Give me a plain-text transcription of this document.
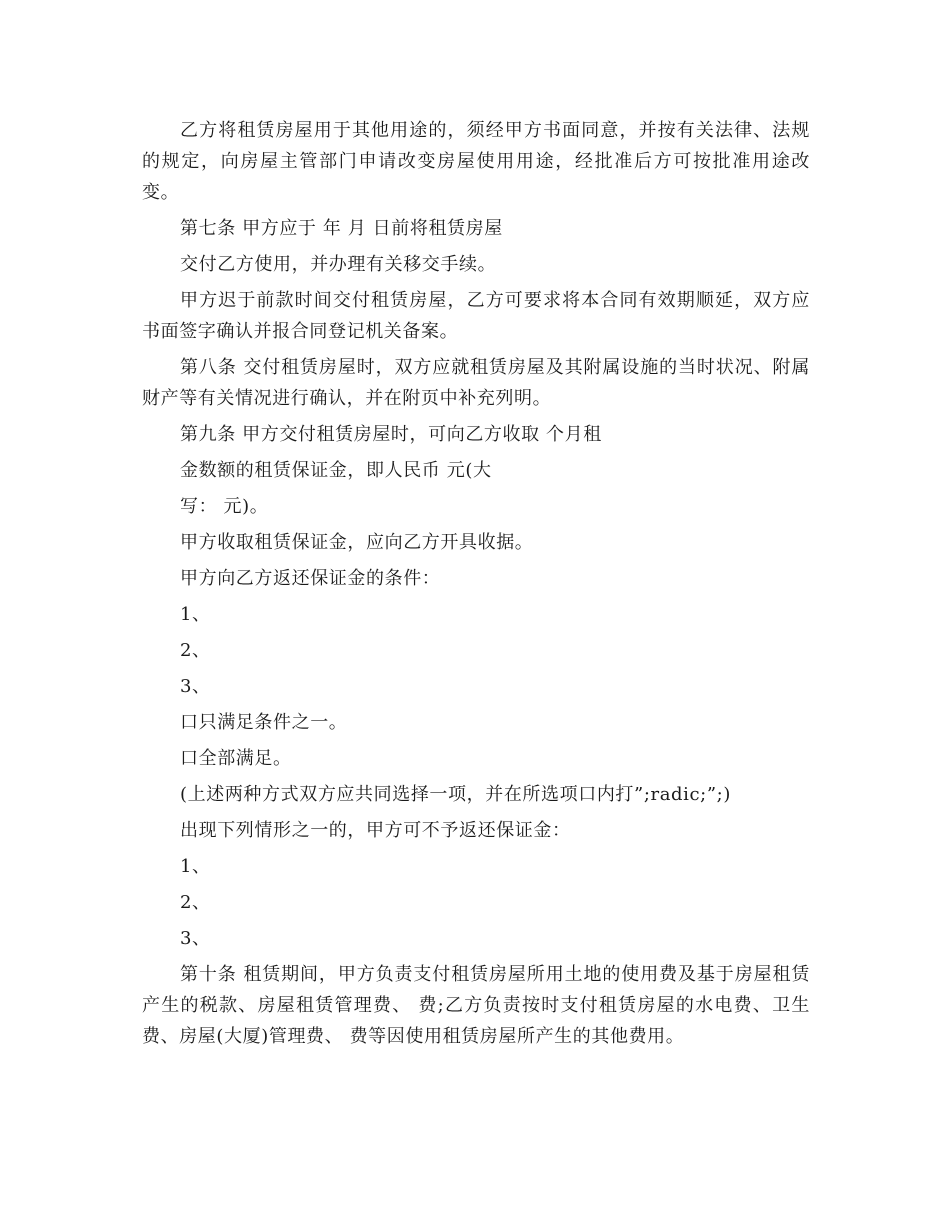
乙方将租赁房屋用于其他用途的，须经甲方书面同意，并按有关法律、法规的规定，向房屋主管部门申请改变房屋使用用途，经批准后方可按批准用途改变。

第七条 甲方应于 年 月 日前将租赁房屋

交付乙方使用，并办理有关移交手续。

甲方迟于前款时间交付租赁房屋，乙方可要求将本合同有效期顺延，双方应书面签字确认并报合同登记机关备案。

第八条 交付租赁房屋时，双方应就租赁房屋及其附属设施的当时状况、附属财产等有关情况进行确认，并在附页中补充列明。

第九条 甲方交付租赁房屋时，可向乙方收取 个月租

金数额的租赁保证金，即人民币 元(大

写： 元)。

甲方收取租赁保证金，应向乙方开具收据。

甲方向乙方返还保证金的条件：

1、

2、

3、

口只满足条件之一。

口全部满足。

(上述两种方式双方应共同选择一项，并在所选项口内打”;radic;”;)

出现下列情形之一的，甲方可不予返还保证金：

1、

2、

3、

第十条 租赁期间，甲方负责支付租赁房屋所用土地的使用费及基于房屋租赁产生的税款、房屋租赁管理费、 费;乙方负责按时支付租赁房屋的水电费、卫生费、房屋(大厦)管理费、 费等因使用租赁房屋所产生的其他费用。
